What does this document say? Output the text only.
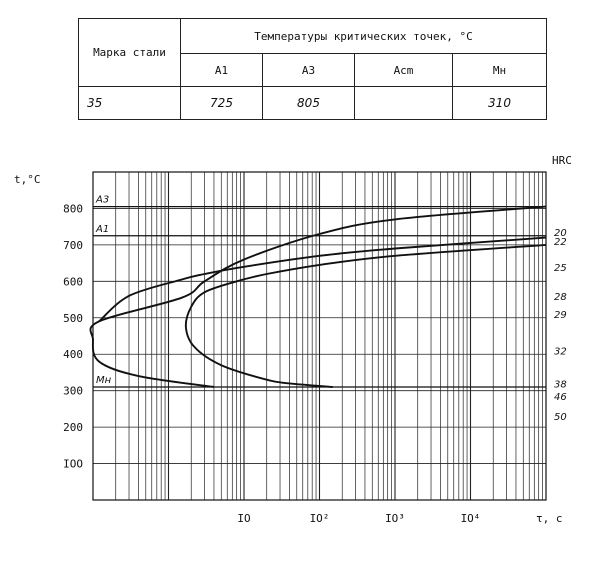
Марка стали	Температуры критических точек, °С			
	A1	A3	Acm	Mн
35	725	805		310
A3
A1
Mн
IOO
200
300
400
500
600
700
800
IO	IO²	IO³	IO⁴
20
22
25
28
29
32
38
46
50
t,°C
HRC
τ, c
